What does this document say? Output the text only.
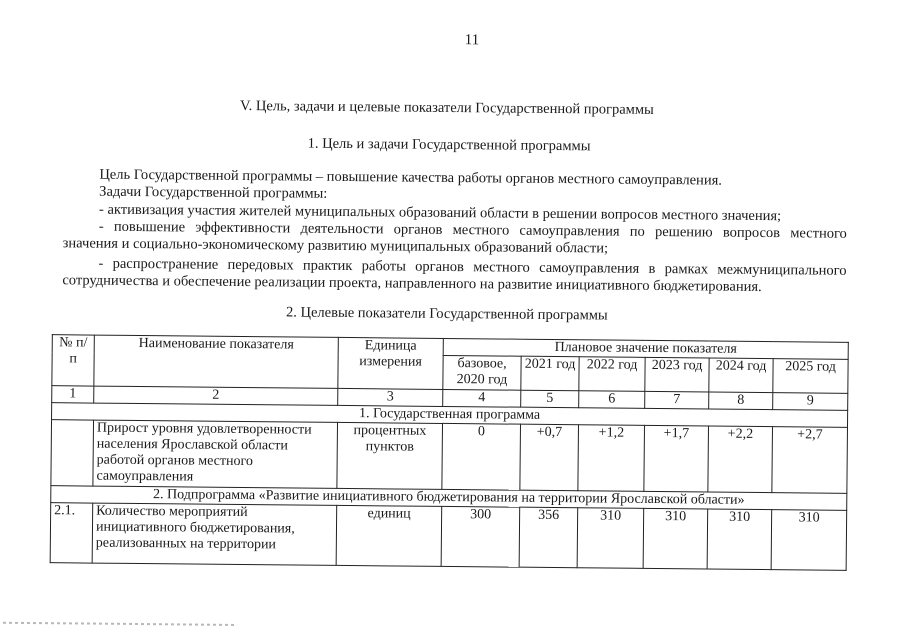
11
V. Цель, задачи и целевые показатели Государственной программы
1. Цель и задачи Государственной программы
Цель Государственной программы – повышение качества работы органов местного самоуправления.
Задачи Государственной программы:
- активизация участия жителей муниципальных образований области в решении вопросов местного значения;
- повышение эффективности деятельности органов местного самоуправления по решению вопросов местного
значения и социально-экономическому развитию муниципальных образований области;
- распространение передовых практик работы органов местного самоуправления в рамках межмуниципального
сотрудничества и обеспечение реализации проекта, направленного на развитие инициативного бюджетирования.
2. Целевые показатели Государственной программы
№ п/п	Наименование показателя	Единица измерения	Плановое значение показателя					
			базовое, 2020 год	2021 год	2022 год	2023 год	2024 год	2025 год
1	2	3	4	5	6	7	8	9
1. Государственная программа								
	Прирост уровня удовлетворенности населения Ярославской области работой органов местного самоуправления	процентных пунктов	0	+0,7	+1,2	+1,7	+2,2	+2,7
2. Подпрограмма «Развитие инициативного бюджетирования на территории Ярославской области»								
2.1.	Количество мероприятий инициативного бюджетирования, реализованных на территории	единиц	300	356	310	310	310	310
